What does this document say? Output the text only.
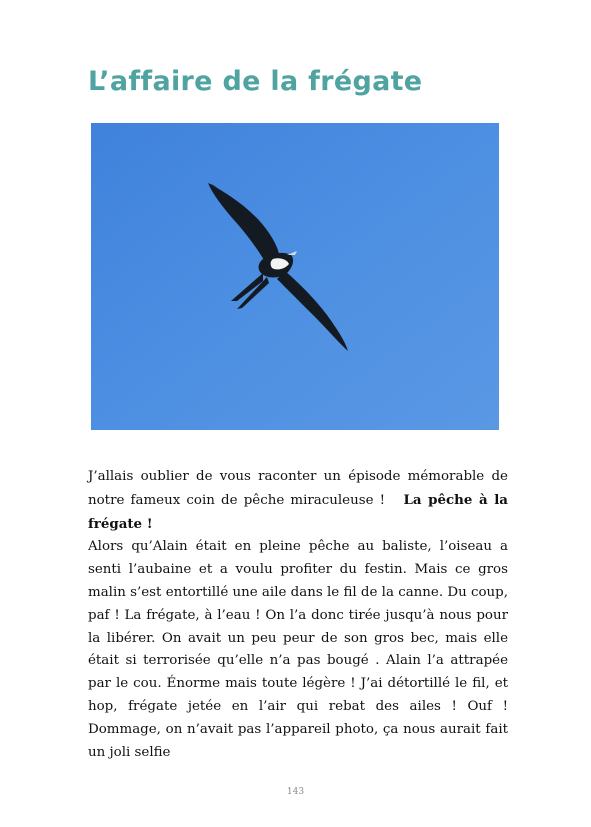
L’affaire de la frégate
J’allais oublier de vous raconter un épisode mémorable de notre fameux coin de pêche miraculeuse ! La pêche à la frégate !
Alors qu’Alain était en pleine pêche au baliste, l’oiseau a senti l’aubaine et a voulu profiter du festin. Mais ce gros malin s’est entortillé une aile dans le fil de la canne. Du coup, paf ! La frégate, à l’eau ! On l’a donc tirée jusqu’à nous pour la libérer. On avait un peu peur de son gros bec, mais elle était si terrorisée qu’elle n’a pas bougé . Alain l’a attrapée par le cou. Énorme mais toute légère ! J’ai détortillé le fil, et hop, frégate jetée en l’air qui rebat des ailes ! Ouf ! Dommage, on n’avait pas l’appareil photo, ça nous aurait fait un joli selfie
143
